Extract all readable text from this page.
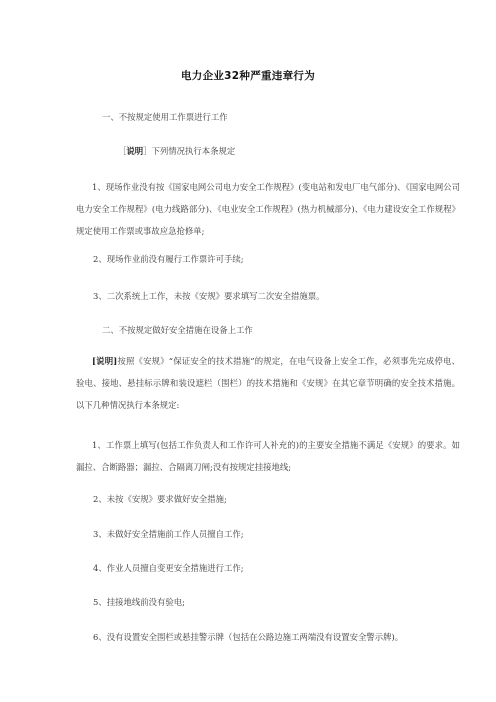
电力企业32种严重违章行为
一、不按规定使用工作票进行工作
［说明］下列情况执行本条规定
1、现场作业没有按《国家电网公司电力安全工作规程》(变电站和发电厂电气部分)、《国家电网公司电力安全工作规程》(电力线路部分)、《电业安全工作规程》(热力机械部分)、《电力建设安全工作规程》规定使用工作票或事故应急抢修单;
2、现场作业前没有履行工作票许可手续;
3、二次系统上工作，未按《安规》要求填写二次安全措施票。
二、不按规定做好安全措施在设备上工作
[说明]按照《安规》“保证安全的技术措施”的规定，在电气设备上安全工作，必须事先完成停电、验电、接地、悬挂标示牌和装设遮栏（围栏）的技术措施和《安规》在其它章节明确的安全技术措施。以下几种情况执行本条规定:
1、工作票上填写(包括工作负责人和工作许可人补充的)的主要安全措施不满足《安规》的要求。如漏拉、合断路器；漏拉、合隔离刀闸;没有按规定挂接地线;
2、未按《安规》要求做好安全措施;
3、未做好安全措施前工作人员擅自工作;
4、作业人员擅自变更安全措施进行工作;
5、挂接地线前没有验电;
6、没有设置安全围栏或悬挂警示牌（包括在公路边施工两端没有设置安全警示牌)。
